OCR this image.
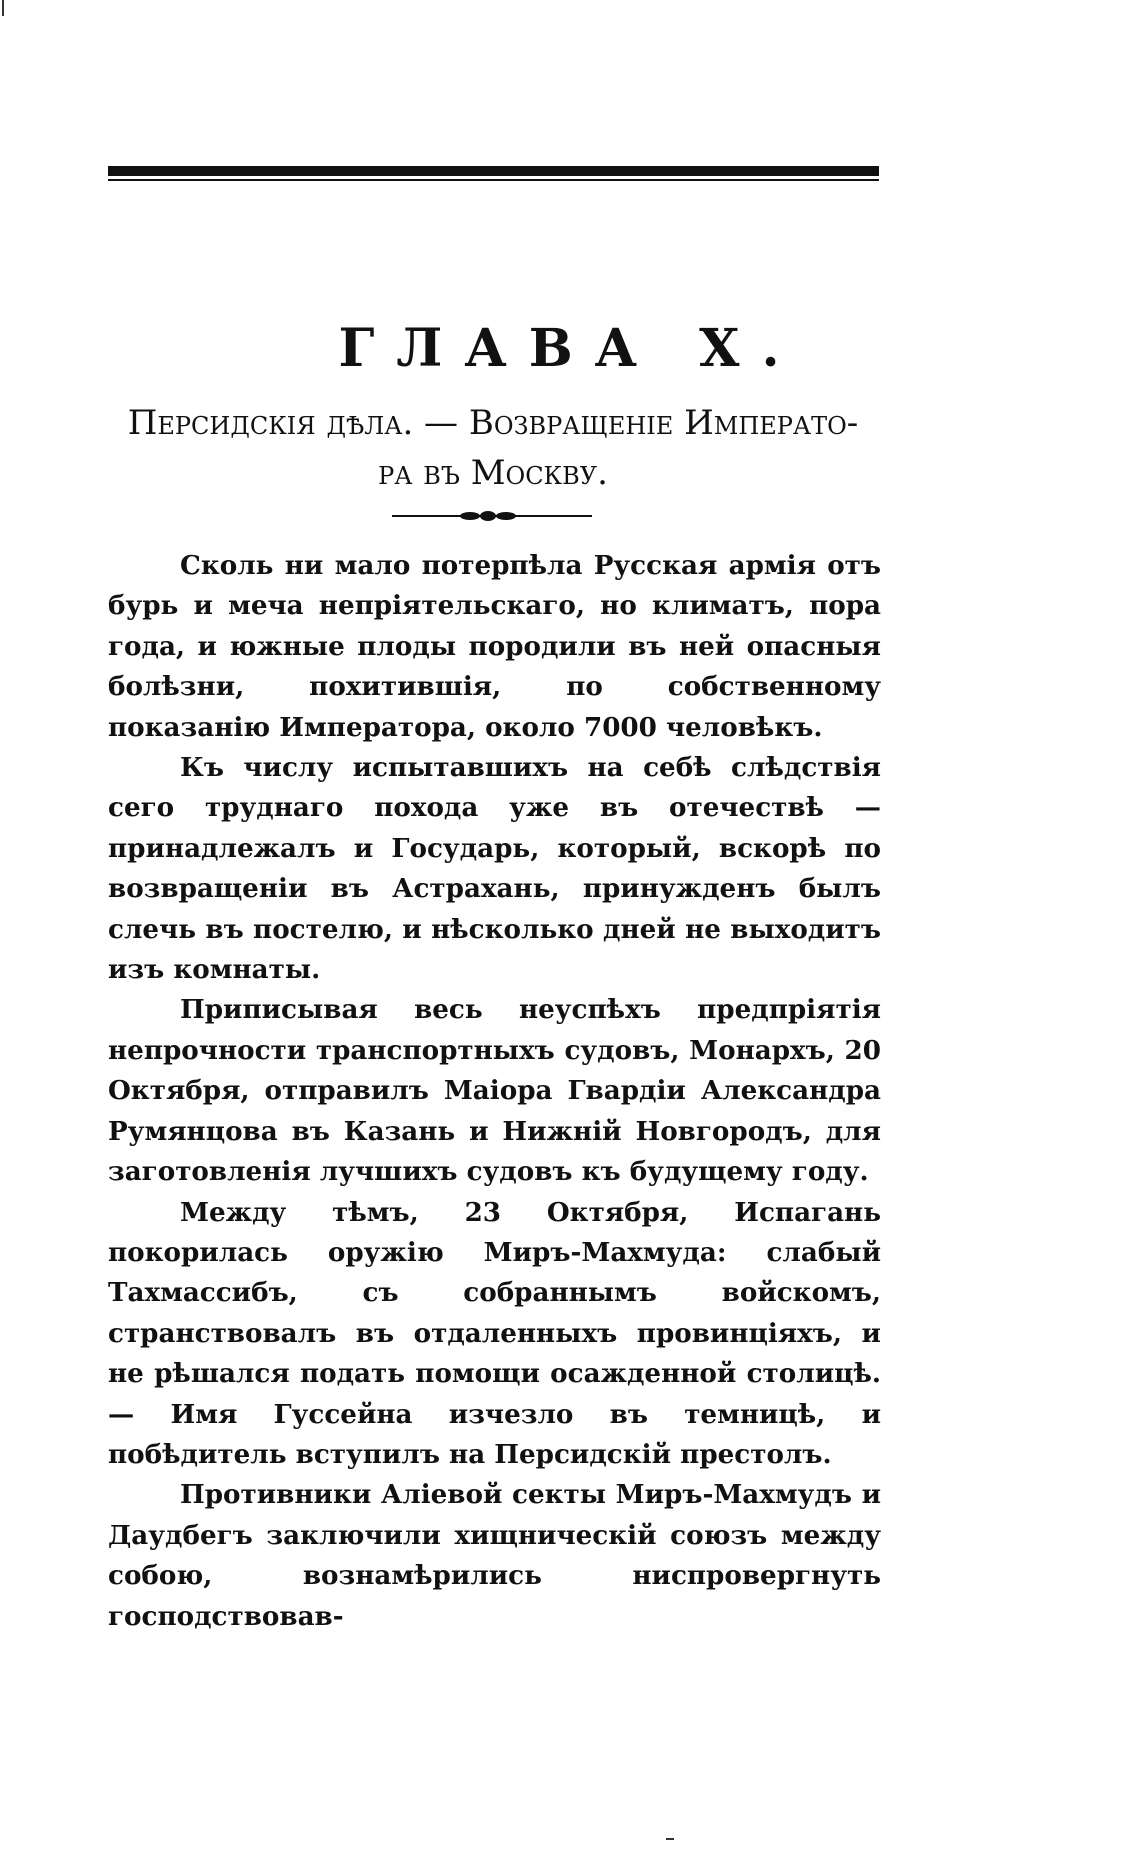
ГЛАВА X.
Персидскія дѣла. — Возвращеніе Императо-
ра въ Москву.

Сколь ни мало потерпѣла Русская армія отъ бурь и меча непріятельскаго, но климатъ, пора года, и южные плоды породили въ ней опасныя болѣзни, похитившія, по собственному показанію Императора, около 7000 человѣкъ.

Къ числу испытавшихъ на себѣ слѣдствія сего труднаго похода уже въ отечествѣ — принадлежалъ и Государь, который, вскорѣ по возвращеніи въ Астрахань, принужденъ былъ слечь въ постелю, и нѣсколько дней не выходитъ изъ комнаты.

Приписывая весь неуспѣхъ предпріятія непрочности транспортныхъ судовъ, Монархъ, 20 Октября, отправилъ Маіора Гвардіи Александра Румянцова въ Казань и Нижній Новгородъ, для заготовленія лучшихъ судовъ къ будущему году.

Между тѣмъ, 23 Октября, Испагань покорилась оружію Миръ-Махмуда: слабый Тахмассибъ, съ собраннымъ войскомъ, странствовалъ въ отдаленныхъ провинціяхъ, и не рѣшался подать помощи осажденной столицѣ. — Имя Гуссейна изчезло въ темницѣ, и побѣдитель вступилъ на Персидскій престолъ.

Противники Аліевой секты Миръ-Махмудъ и Даудбегъ заключили хищническій союзъ между собою, вознамѣрились ниспровергнуть господствовав-
